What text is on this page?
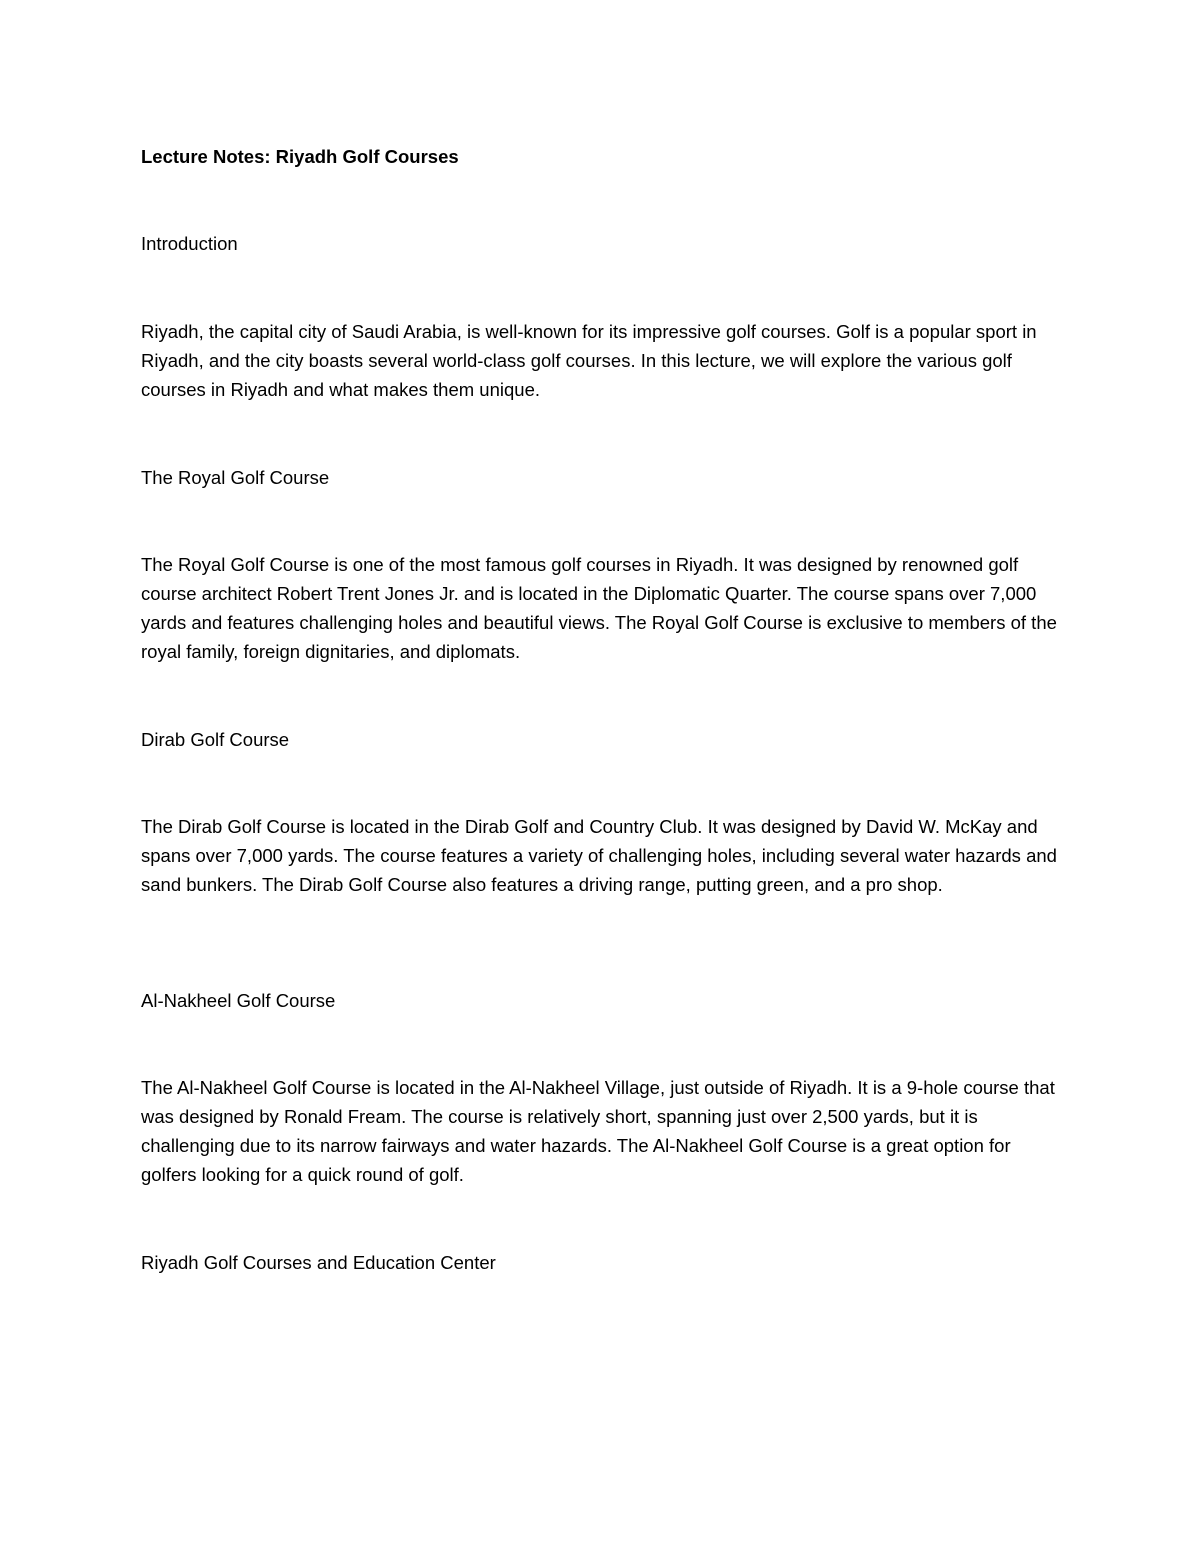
Lecture Notes: Riyadh Golf Courses
Introduction

Riyadh, the capital city of Saudi Arabia, is well-known for its impressive golf courses. Golf is a popular sport in Riyadh, and the city boasts several world-class golf courses. In this lecture, we will explore the various golf courses in Riyadh and what makes them unique.

The Royal Golf Course

The Royal Golf Course is one of the most famous golf courses in Riyadh. It was designed by renowned golf course architect Robert Trent Jones Jr. and is located in the Diplomatic Quarter. The course spans over 7,000 yards and features challenging holes and beautiful views. The Royal Golf Course is exclusive to members of the royal family, foreign dignitaries, and diplomats.

Dirab Golf Course

The Dirab Golf Course is located in the Dirab Golf and Country Club. It was designed by David W. McKay and spans over 7,000 yards. The course features a variety of challenging holes, including several water hazards and sand bunkers. The Dirab Golf Course also features a driving range, putting green, and a pro shop.

Al-Nakheel Golf Course

The Al-Nakheel Golf Course is located in the Al-Nakheel Village, just outside of Riyadh. It is a 9-hole course that was designed by Ronald Fream. The course is relatively short, spanning just over 2,500 yards, but it is challenging due to its narrow fairways and water hazards. The Al-Nakheel Golf Course is a great option for golfers looking for a quick round of golf.

Riyadh Golf Courses and Education Center
